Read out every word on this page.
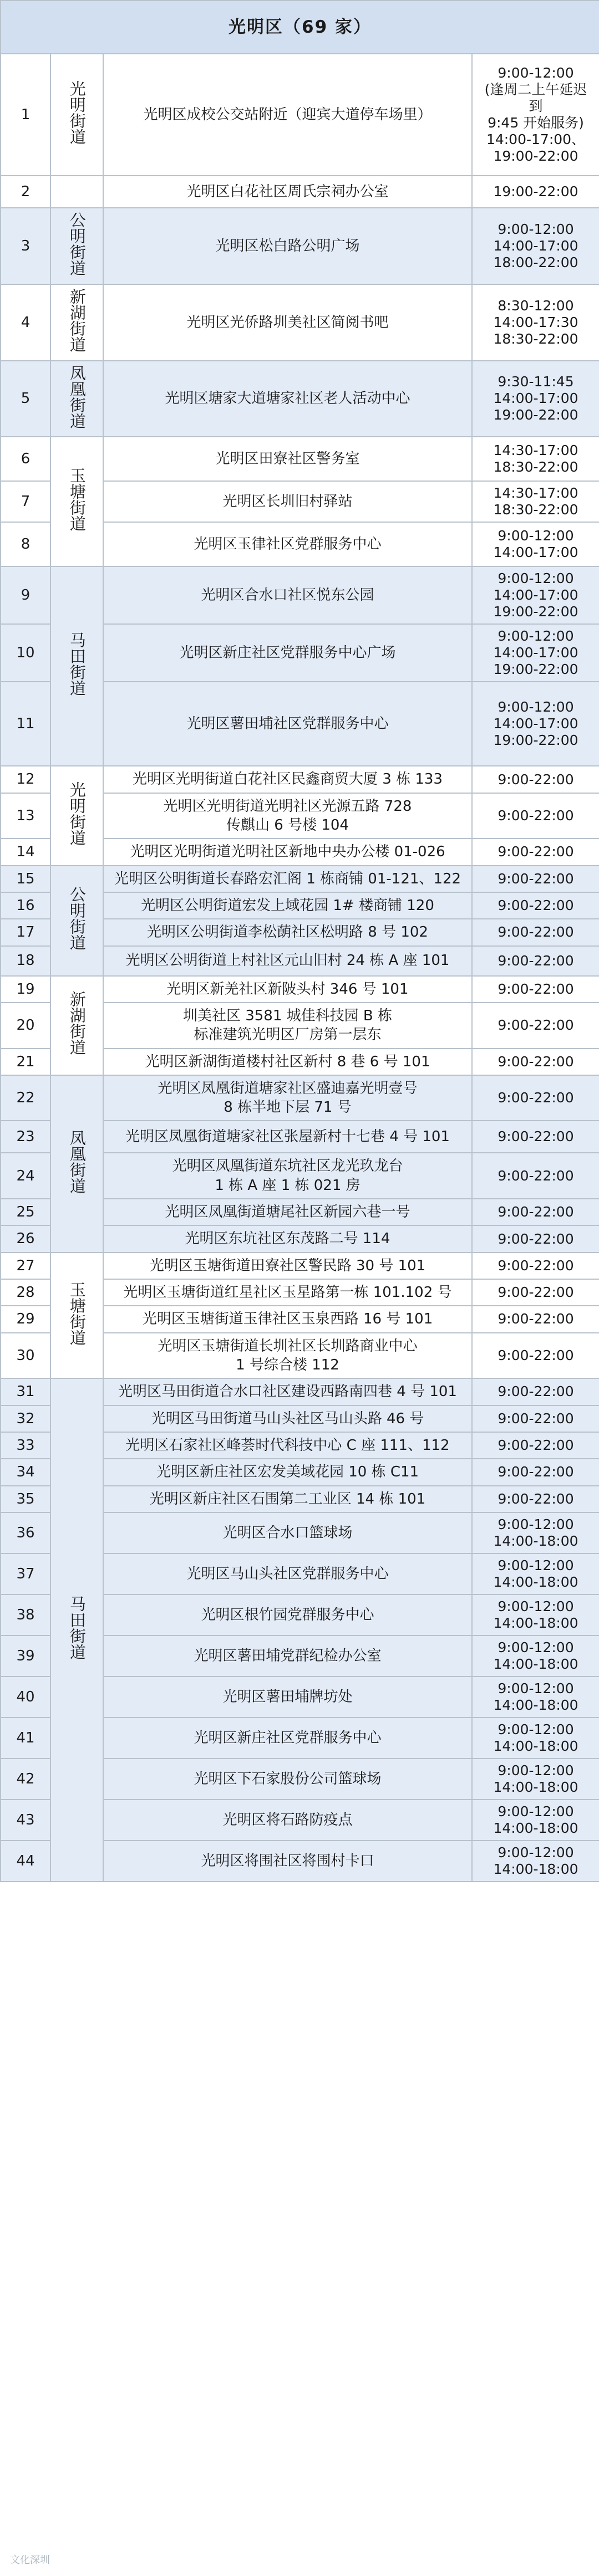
光明区（69 家）			
1	光明街道	光明区成校公交站附近（迎宾大道停车场里）	9:00-12:00
(逢周二上午延迟到
9:45 开始服务)
14:00-17:00、
19:00-22:00

2		光明区白花社区周氏宗祠办公室	19:00-22:00

3	公明街道	光明区松白路公明广场	9:00-12:00
14:00-17:00
18:00-22:00

4	新湖街道	光明区光侨路圳美社区简阅书吧	8:30-12:00
14:00-17:30
18:30-22:00

5	凤凰街道	光明区塘家大道塘家社区老人活动中心	9:30-11:45
14:00-17:00
19:00-22:00

6	玉塘街道	光明区田寮社区警务室	14:30-17:00
18:30-22:00

7		光明区长圳旧村驿站	14:30-17:00
18:30-22:00

8		光明区玉律社区党群服务中心	9:00-12:00
14:00-17:00

9	马田街道	光明区合水口社区悦东公园	9:00-12:00
14:00-17:00
19:00-22:00

10		光明区新庄社区党群服务中心广场	9:00-12:00
14:00-17:00
19:00-22:00

11		光明区薯田埔社区党群服务中心	9:00-12:00
14:00-17:00
19:00-22:00

12	光明街道	光明区光明街道白花社区民鑫商贸大厦 3 栋 133	9:00-22:00

13		光明区光明街道光明社区光源五路 728
传麒山 6 号楼 104	9:00-22:00

14		光明区光明街道光明社区新地中央办公楼 01-026	9:00-22:00

15	公明街道	光明区公明街道长春路宏汇阁 1 栋商铺 01-121、122	9:00-22:00

16		光明区公明街道宏发上域花园 1# 楼商铺 120	9:00-22:00

17		光明区公明街道李松蓢社区松明路 8 号 102	9:00-22:00

18		光明区公明街道上村社区元山旧村 24 栋 A 座 101	9:00-22:00

19	新湖街道	光明区新羌社区新陂头村 346 号 101	9:00-22:00

20		圳美社区 3581 城佳科技园 B 栋
标准建筑光明区厂房第一层东	9:00-22:00

21		光明区新湖街道楼村社区新村 8 巷 6 号 101	9:00-22:00

22	凤凰街道	光明区凤凰街道塘家社区盛迪嘉光明壹号
8 栋半地下层 71 号	9:00-22:00

23		光明区凤凰街道塘家社区张屋新村十七巷 4 号 101	9:00-22:00

24		光明区凤凰街道东坑社区龙光玖龙台
1 栋 A 座 1 栋 021 房	9:00-22:00

25		光明区凤凰街道塘尾社区新园六巷一号	9:00-22:00

26		光明区东坑社区东茂路二号 114	9:00-22:00

27	玉塘街道	光明区玉塘街道田寮社区警民路 30 号 101	9:00-22:00

28		光明区玉塘街道红星社区玉星路第一栋 101.102 号	9:00-22:00

29		光明区玉塘街道玉律社区玉泉西路 16 号 101	9:00-22:00

30		光明区玉塘街道长圳社区长圳路商业中心
1 号综合楼 112	9:00-22:00

31	马田街道	光明区马田街道合水口社区建设西路南四巷 4 号 101	9:00-22:00

32		光明区马田街道马山头社区马山头路 46 号	9:00-22:00

33		光明区石家社区峰荟时代科技中心 C 座 111、112	9:00-22:00

34		光明区新庄社区宏发美域花园 10 栋 C11	9:00-22:00

35		光明区新庄社区石围第二工业区 14 栋 101	9:00-22:00

36		光明区合水口篮球场	9:00-12:00
14:00-18:00

37		光明区马山头社区党群服务中心	9:00-12:00
14:00-18:00

38		光明区根竹园党群服务中心	9:00-12:00
14:00-18:00

39		光明区薯田埔党群纪检办公室	9:00-12:00
14:00-18:00

40		光明区薯田埔牌坊处	9:00-12:00
14:00-18:00

41		光明区新庄社区党群服务中心	9:00-12:00
14:00-18:00

42		光明区下石家股份公司篮球场	9:00-12:00
14:00-18:00

43		光明区将石路防疫点	9:00-12:00
14:00-18:00

44		光明区将围社区将围村卡口	9:00-12:00
14:00-18:00
文化深圳
